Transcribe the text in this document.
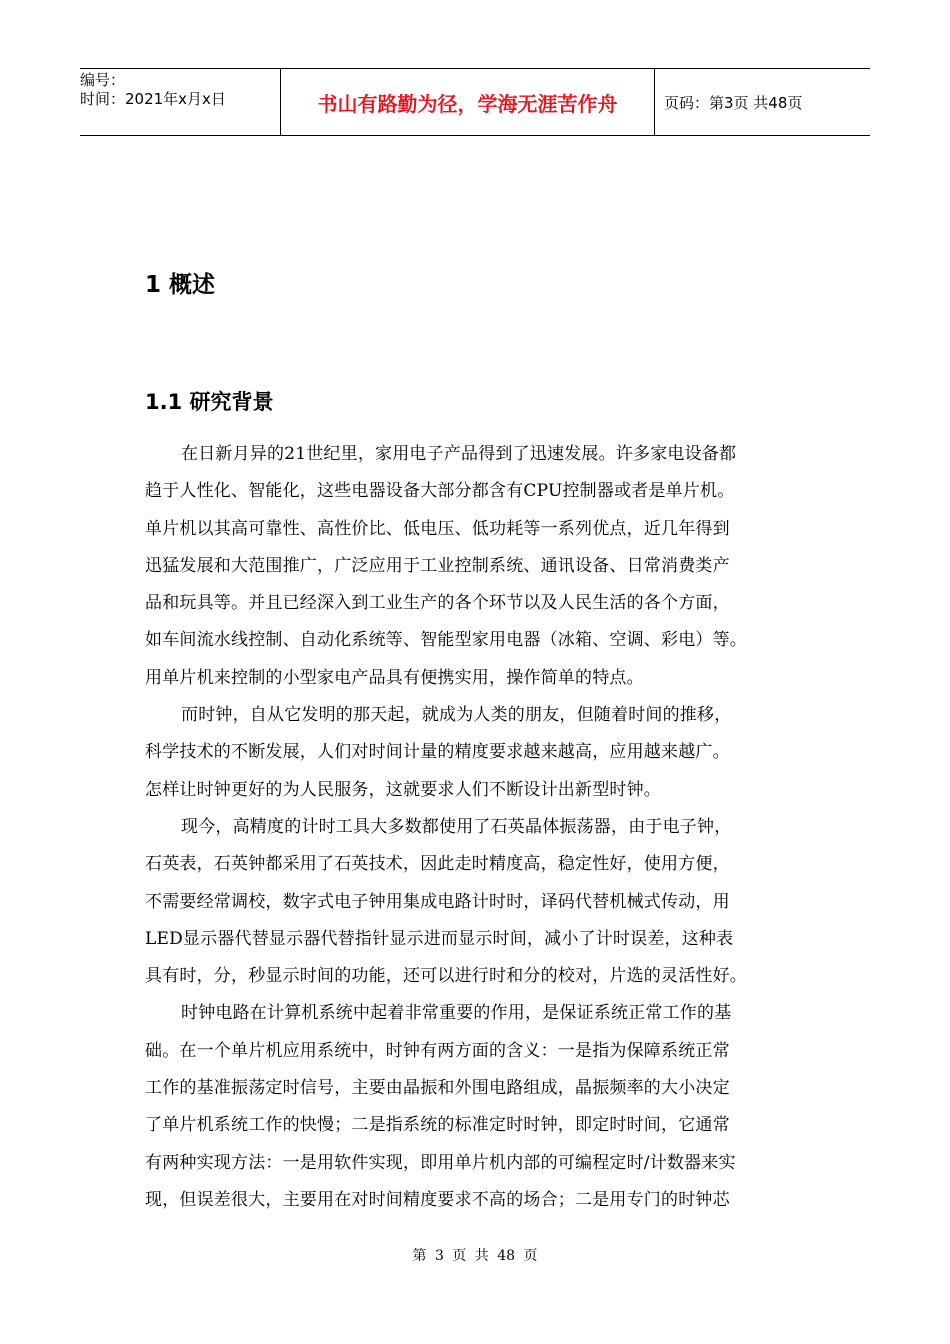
编号：
时间：2021年x月x日	书山有路勤为径，学海无涯苦作舟	页码：第3页 共48页
1 概述
1.1 研究背景
在日新月异的21世纪里，家用电子产品得到了迅速发展。许多家电设备都
趋于人性化、智能化，这些电器设备大部分都含有CPU控制器或者是单片机。
单片机以其高可靠性、高性价比、低电压、低功耗等一系列优点，近几年得到
迅猛发展和大范围推广，广泛应用于工业控制系统、通讯设备、日常消费类产
品和玩具等。并且已经深入到工业生产的各个环节以及人民生活的各个方面，
如车间流水线控制、自动化系统等、智能型家用电器（冰箱、空调、彩电）等。
用单片机来控制的小型家电产品具有便携实用，操作简单的特点。
而时钟，自从它发明的那天起，就成为人类的朋友，但随着时间的推移，
科学技术的不断发展，人们对时间计量的精度要求越来越高，应用越来越广。
怎样让时钟更好的为人民服务，这就要求人们不断设计出新型时钟。
现今，高精度的计时工具大多数都使用了石英晶体振荡器，由于电子钟，
石英表，石英钟都采用了石英技术，因此走时精度高，稳定性好，使用方便，
不需要经常调校，数字式电子钟用集成电路计时时，译码代替机械式传动，用
LED显示器代替显示器代替指针显示进而显示时间，减小了计时误差，这种表
具有时，分，秒显示时间的功能，还可以进行时和分的校对，片选的灵活性好。
时钟电路在计算机系统中起着非常重要的作用，是保证系统正常工作的基
础。在一个单片机应用系统中，时钟有两方面的含义：一是指为保障系统正常
工作的基准振荡定时信号，主要由晶振和外围电路组成，晶振频率的大小决定
了单片机系统工作的快慢；二是指系统的标准定时时钟，即定时时间，它通常
有两种实现方法：一是用软件实现，即用单片机内部的可编程定时/计数器来实
现，但误差很大，主要用在对时间精度要求不高的场合；二是用专门的时钟芯
第 3 页 共 48 页
